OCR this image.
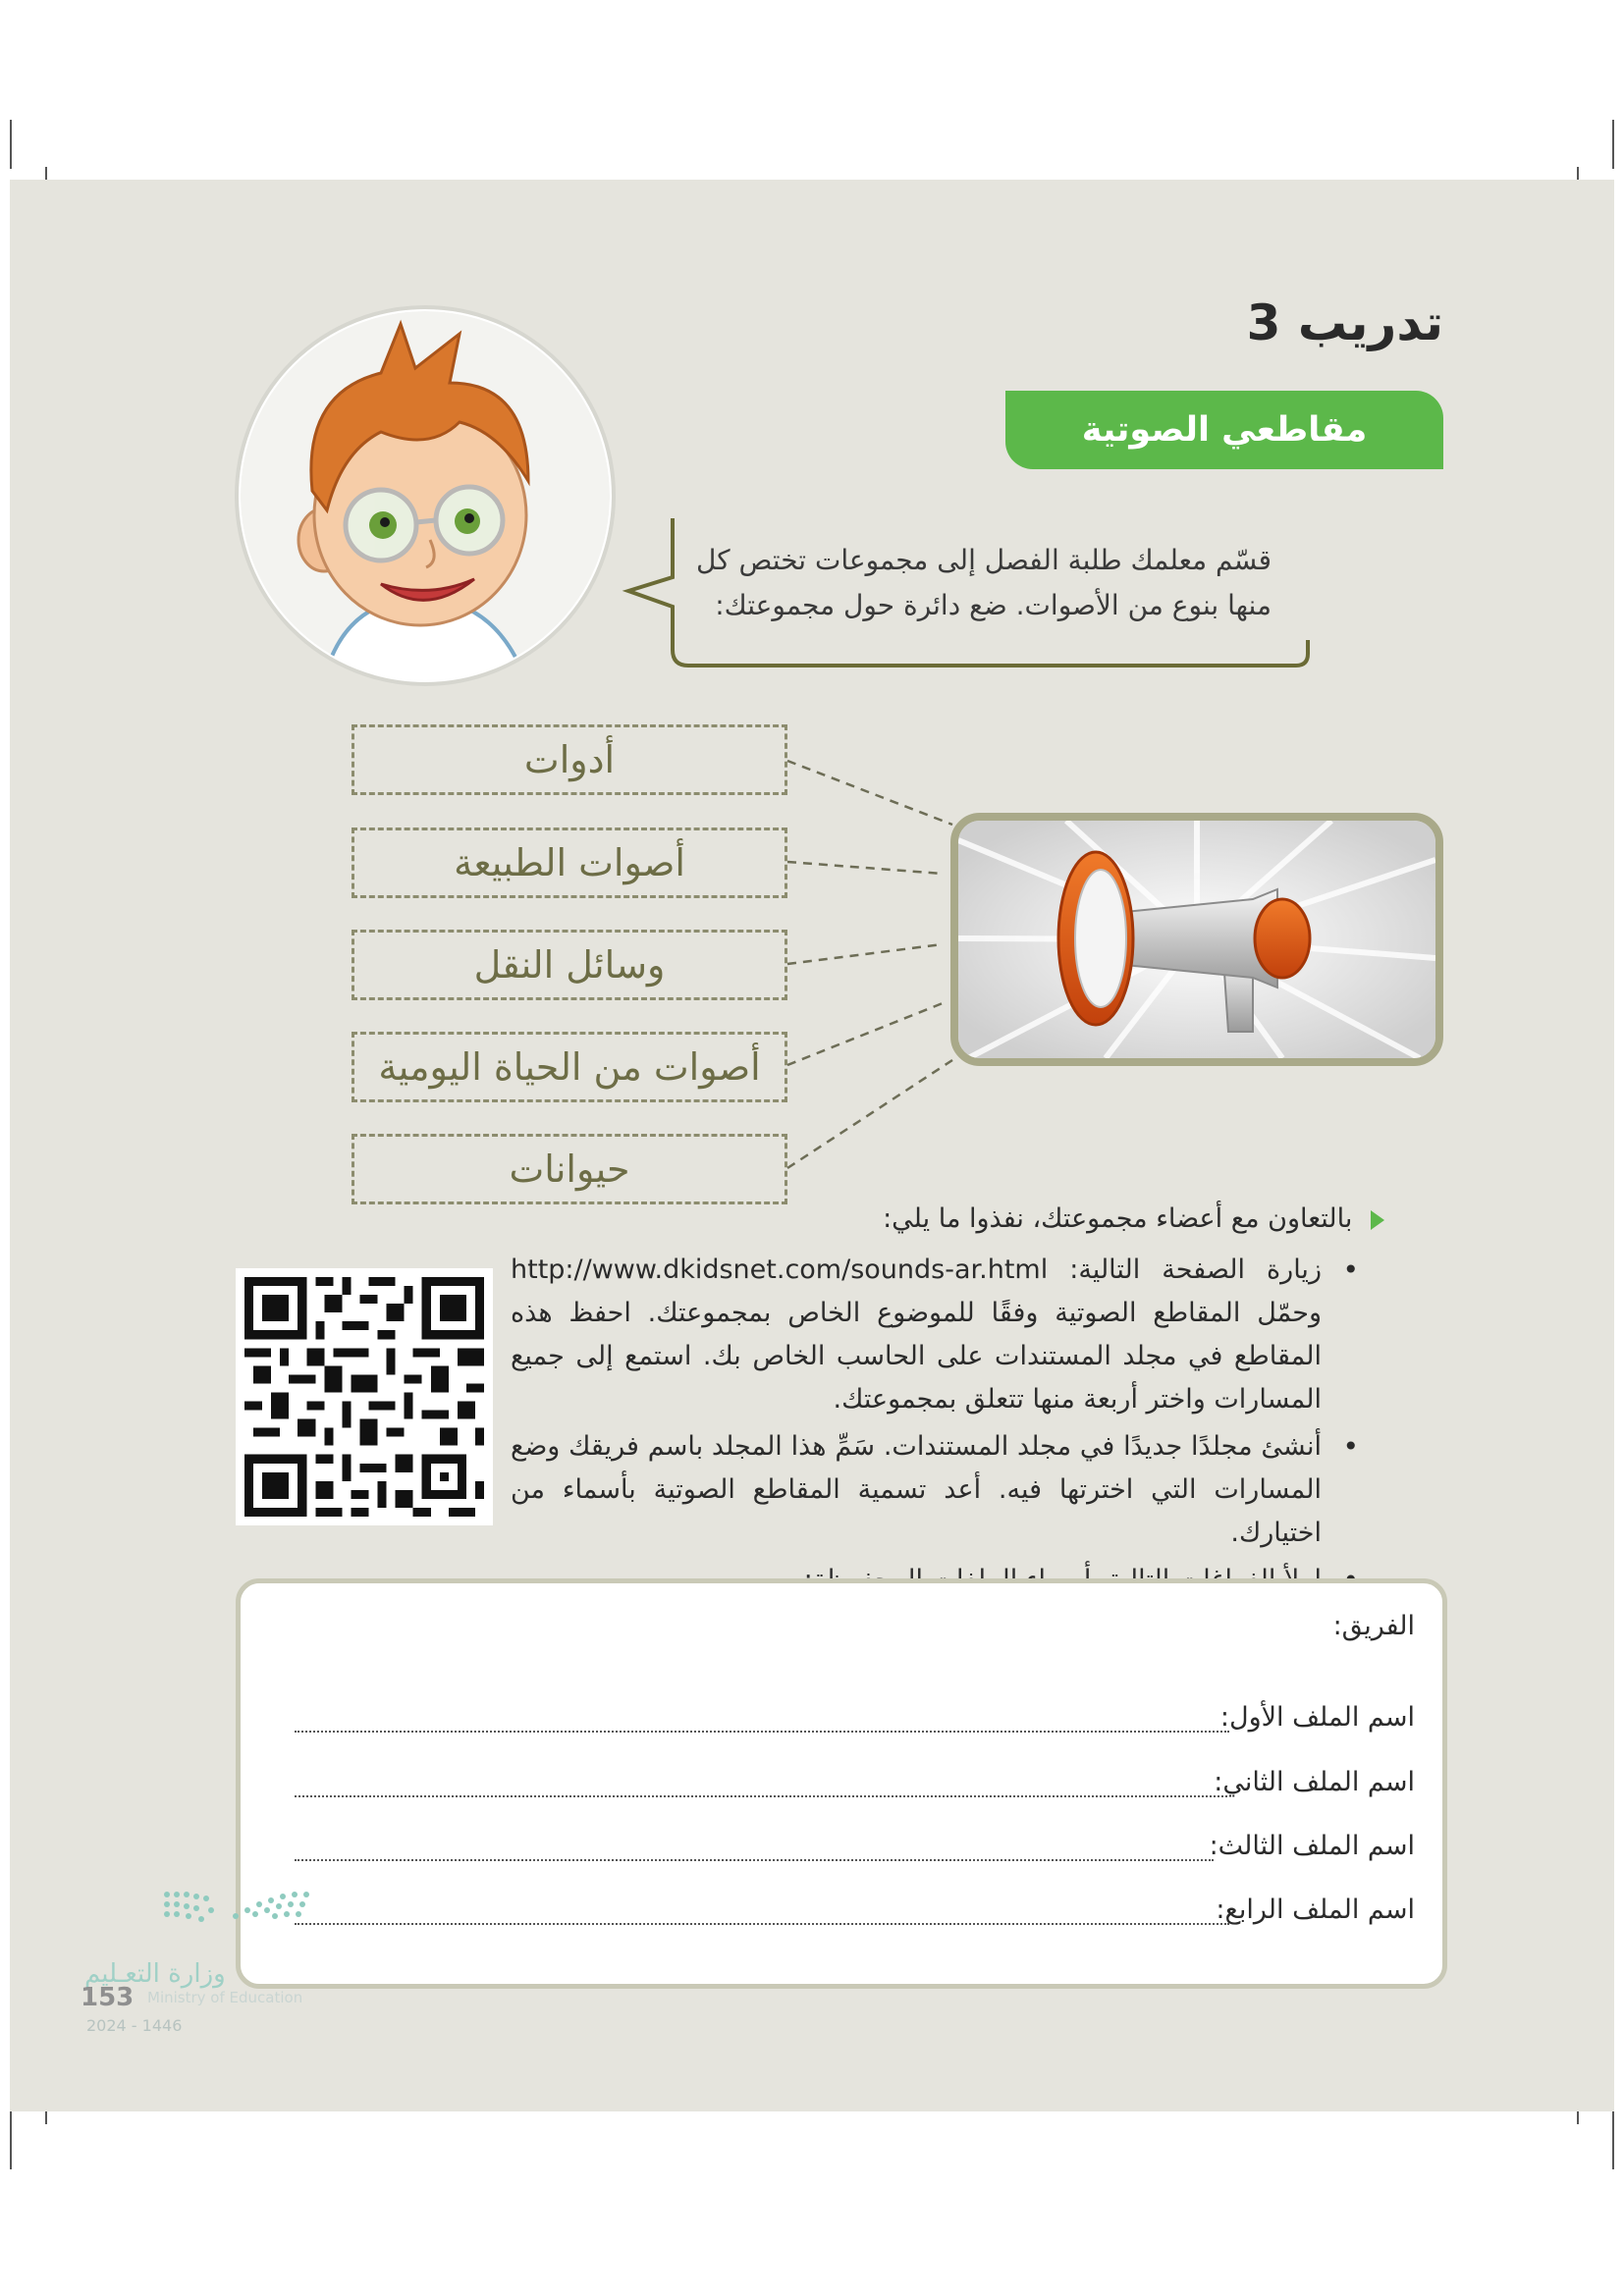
تدريب 3
مقاطعي الصوتية
قسّم معلمك طلبة الفصل إلى مجموعات تختص كل
منها بنوع من الأصوات. ضع دائرة حول مجموعتك:
أدوات
أصوات الطبيعة
وسائل النقل
أصوات من الحياة اليومية
حيوانات
بالتعاون مع أعضاء مجموعتك، نفذوا ما يلي:
• زيارة الصفحة التالية: http://www.dkidsnet.com/sounds-ar.html وحمّل المقاطع الصوتية وفقًا للموضوع الخاص بمجموعتك. احفظ هذه المقاطع في مجلد المستندات على الحاسب الخاص بك. استمع إلى جميع المسارات واختر أربعة منها تتعلق بمجموعتك.
• أنشئ مجلدًا جديدًا في مجلد المستندات. سَمِّ هذا المجلد باسم فريقك وضع المسارات التي اخترتها فيه. أعد تسمية المقاطع الصوتية بأسماء من اختيارك.
•
الفريق:
اسم الملف الأول:
اسم الملف الثاني:
اسم الملف الثالث:
اسم الملف الرابع:
وزارة التعـليم
Ministry of Education
153
2024 - 1446
